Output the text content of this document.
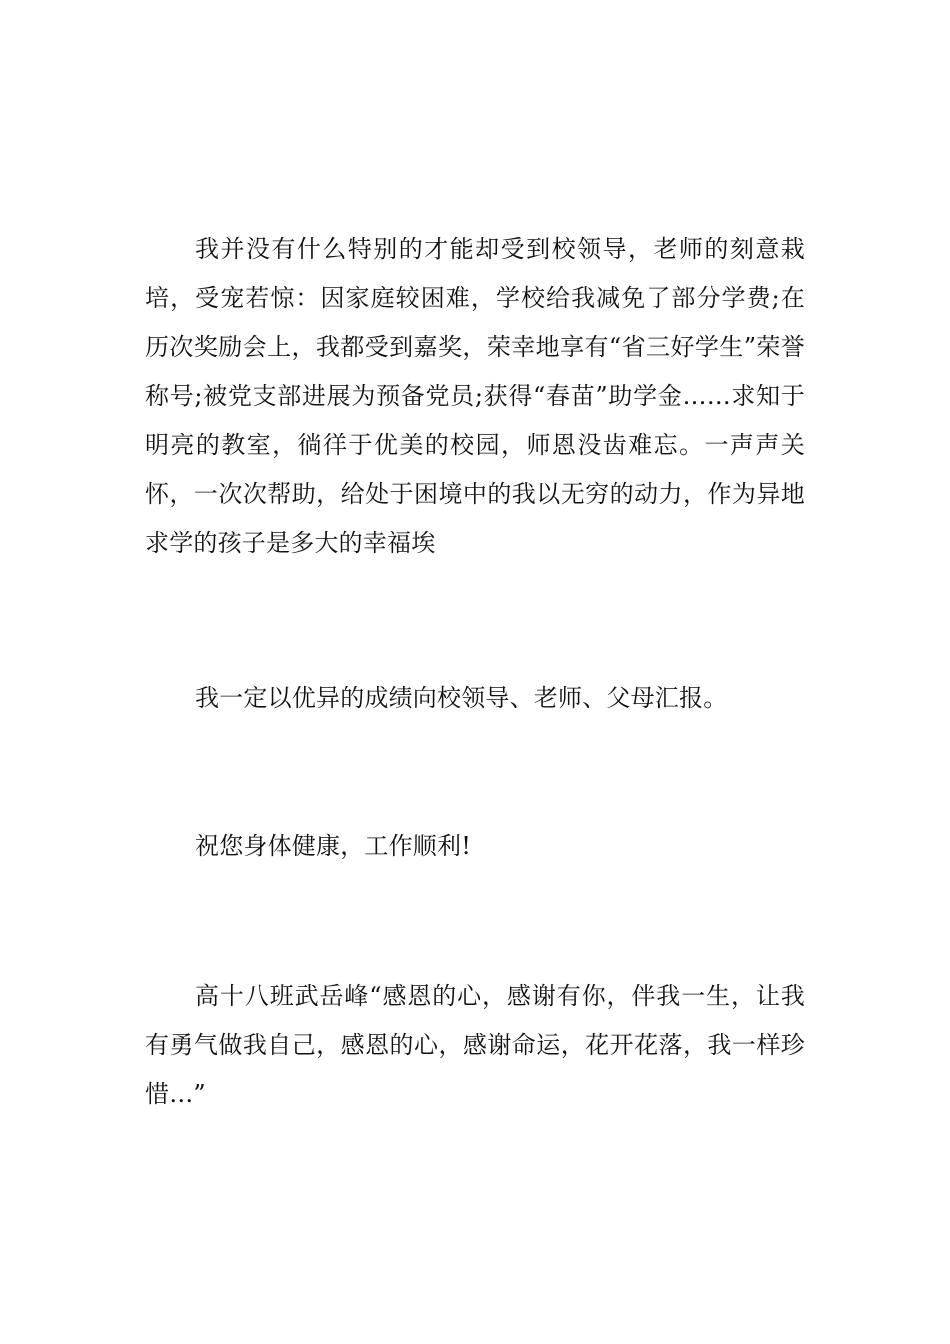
我并没有什么特别的才能却受到校领导，老师的刻意栽培，受宠若惊：因家庭较困难，学校给我减免了部分学费;在历次奖励会上，我都受到嘉奖，荣幸地享有“省三好学生”荣誉称号;被党支部进展为预备党员;获得“春苗”助学金……求知于明亮的教室，徜徉于优美的校园，师恩没齿难忘。一声声关怀，一次次帮助，给处于困境中的我以无穷的动力，作为异地求学的孩子是多大的幸福埃

我一定以优异的成绩向校领导、老师、父母汇报。

祝您身体健康，工作顺利!

高十八班武岳峰“感恩的心，感谢有你，伴我一生，让我有勇气做我自己，感恩的心，感谢命运，花开花落，我一样珍惜…”
